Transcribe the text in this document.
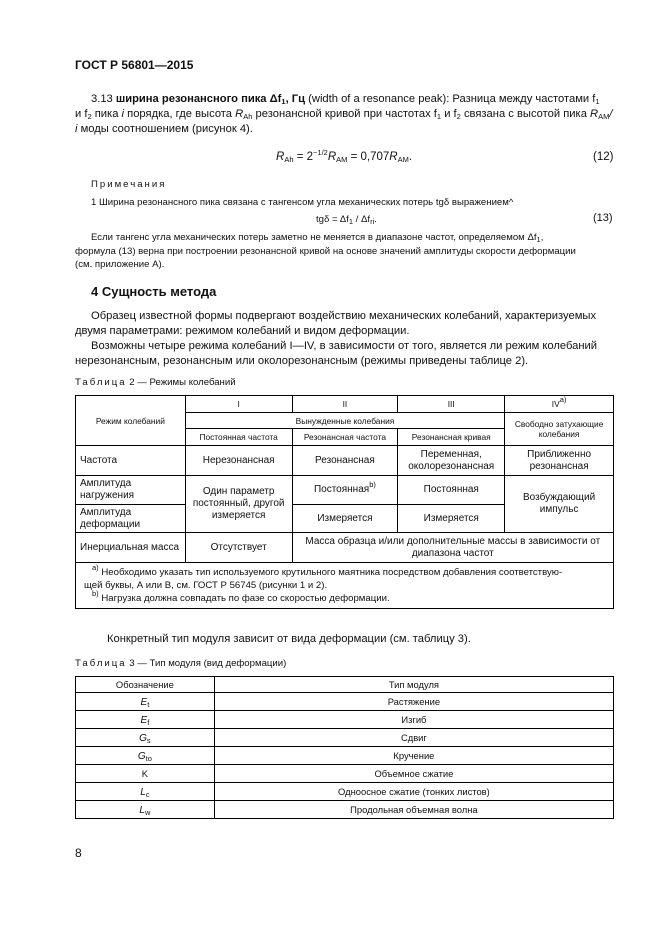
ГОСТ Р 56801—2015
3.13 ширина резонансного пика $\Delta f_1$, Гц (width of a resonance peak): Разница между частотами $f_1$
и $f_2$ пика i порядка, где высота $R_{Ah}$ резонансной кривой при частотах $f_1$ и $f_2$ связана с высотой пика $R_{AM}/$
i моды соотношением (рисунок 4).
$R_{Ah} = 2^{-1/2}R_{AM} = 0,707R_{AM}$.	(12)
Примечания
1 Ширина резонансного пика связана с тангенсом угла механических потерь tgδ выражением^
$tg\delta = \Delta f_1 / \Delta f_{ri}$.	(13)
Если тангенс угла механических потерь заметно не меняется в диапазоне частот, определяемом $\Delta f_1$,
формула (13) верна при построении резонансной кривой на основе значений амплитуды скорости деформации
(см. приложение А).
4 Сущность метода
Образец известной формы подвергают воздействию механических колебаний, характеризуемых
двумя параметрами: режимом колебаний и видом деформации.
Возможны четыре режима колебаний I—IV, в зависимости от того, является ли режим колебаний
нерезонансным, резонансным или околорезонансным (режимы приведены таблице 2).
Таблица 2 — Режимы колебаний
Режим колебаний	I	II	III	IV$^{a)}$
	Вынужденные колебания			Свободно затухающие колебания
	Постоянная частота	Резонансная частота	Резонансная кривая	
Частота	Нерезонансная	Резонансная	Переменная, околорезонансная	Приближенно резонансная
Амплитуда нагружения	Один параметр постоянный, другой измеряется	Постоянная$^{b)}$	Постоянная	Возбуждающий импульс
Амплитуда деформации		Измеряется	Измеряется	
Инерциальная масса	Отсутствует	Масса образца и/или дополнительные массы в зависимости от диапазона частот		

$^{a)}$ Необходимо указать тип используемого крутильного маятника посредством добавления соответствую-
щей буквы, А или В, см. ГОСТ Р 56745 (рисунки 1 и 2).
$^{b)}$ Нагрузка должна совпадать по фазе со скоростью деформации.				
Конкретный тип модуля зависит от вида деформации (см. таблицу 3).
Таблица 3 — Тип модуля (вид деформации)
Обозначение	Тип модуля
$E_t$	Растяжение
$E_f$	Изгиб
$G_s$	Сдвиг
$G_{to}$	Кручение
K	Объемное сжатие
$L_c$	Одноосное сжатие (тонких листов)
$L_w$	Продольная объемная волна
8
